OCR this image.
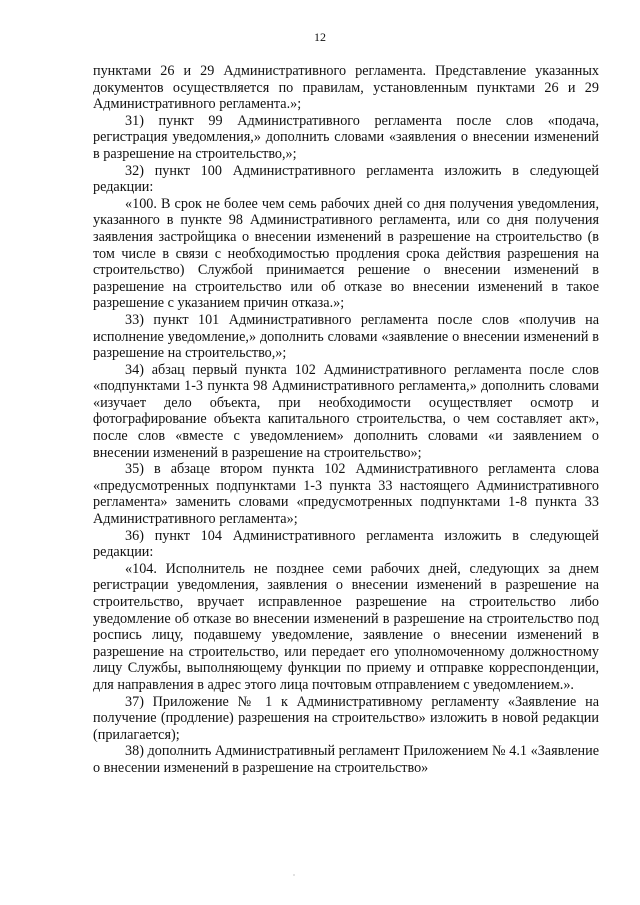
12

пунктами 26 и 29 Административного регламента. Представление указанных документов осуществляется по правилам, установленным пунктами 26 и 29 Административного регламента.»;

31) пункт 99 Административного регламента после слов «подача, регистрация уведомления,» дополнить словами «заявления о внесении изменений в разрешение на строительство,»;

32) пункт 100 Административного регламента изложить в следующей редакции:

«100. В срок не более чем семь рабочих дней со дня получения уведомления, указанного в пункте 98 Административного регламента, или со дня получения заявления застройщика о внесении изменений в разрешение на строительство (в том числе в связи с необходимостью продления срока действия разрешения на строительство) Службой принимается решение о внесении изменений в разрешение на строительство или об отказе во внесении изменений в такое разрешение с указанием причин отказа.»;

33) пункт 101 Административного регламента после слов «получив на исполнение уведомление,» дополнить словами «заявление о внесении изменений в разрешение на строительство,»;

34) абзац первый пункта 102 Административного регламента после слов «подпунктами 1-3 пункта 98 Административного регламента,» дополнить словами «изучает дело объекта, при необходимости осуществляет осмотр и фотографирование объекта капитального строительства, о чем составляет акт», после слов «вместе с уведомлением» дополнить словами «и заявлением о внесении изменений в разрешение на строительство»;

35) в абзаце втором пункта 102 Административного регламента слова «предусмотренных подпунктами 1-3 пункта 33 настоящего Административного регламента» заменить словами «предусмотренных подпунктами 1-8 пункта 33 Административного регламента»;

36) пункт 104 Административного регламента изложить в следующей редакции:

«104. Исполнитель не позднее семи рабочих дней, следующих за днем регистрации уведомления, заявления о внесении изменений в разрешение на строительство, вручает исправленное разрешение на строительство либо уведомление об отказе во внесении изменений в разрешение на строительство под роспись лицу, подавшему уведомление, заявление о внесении изменений в разрешение на строительство, или передает его уполномоченному должностному лицу Службы, выполняющему функции по приему и отправке корреспонденции, для направления в адрес этого лица почтовым отправлением с уведомлением.».

37) Приложение № 1 к Административному регламенту «Заявление на получение (продление) разрешения на строительство» изложить в новой редакции (прилагается);

38) дополнить Административный регламент Приложением № 4.1 «Заявление о внесении изменений в разрешение на строительство»
